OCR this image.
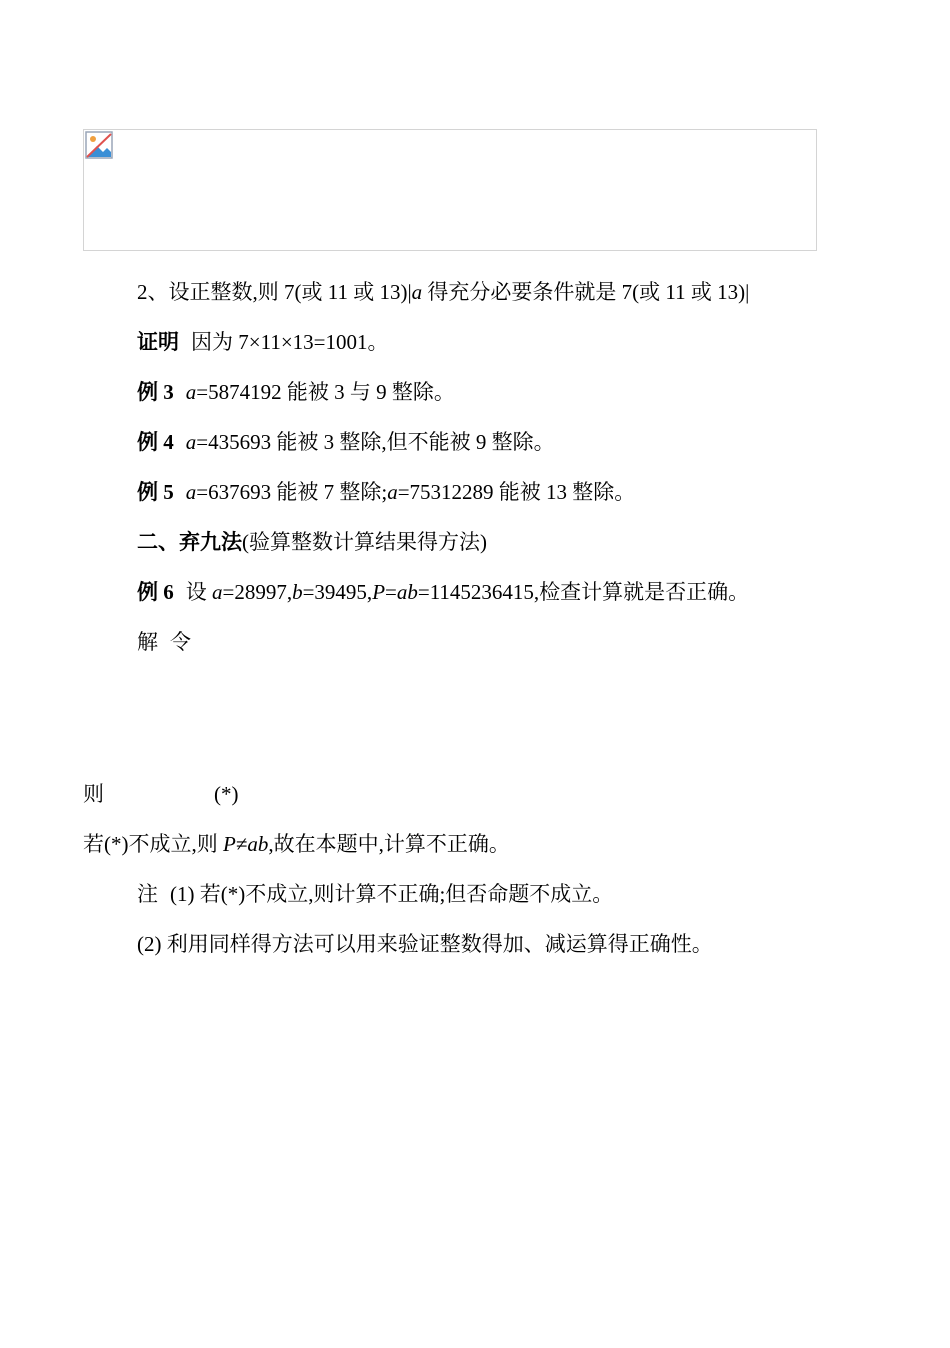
2、设正整数,则 7(或 11 或 13)|a 得充分必要条件就是 7(或 11 或 13)|
证明 因为 7×11×13=1001。
例 3 a=5874192 能被 3 与 9 整除。
例 4 a=435693 能被 3 整除,但不能被 9 整除。
例 5 a=637693 能被 7 整除;a=75312289 能被 13 整除。
二、弃九法(验算整数计算结果得方法)
例 6 设 a=28997,b=39495,P=ab=1145236415,检查计算就是否正确。
解 令
则	(*)
若(*)不成立,则 P≠ab,故在本题中,计算不正确。
注 (1) 若(*)不成立,则计算不正确;但否命题不成立。
(2) 利用同样得方法可以用来验证整数得加、减运算得正确性。
